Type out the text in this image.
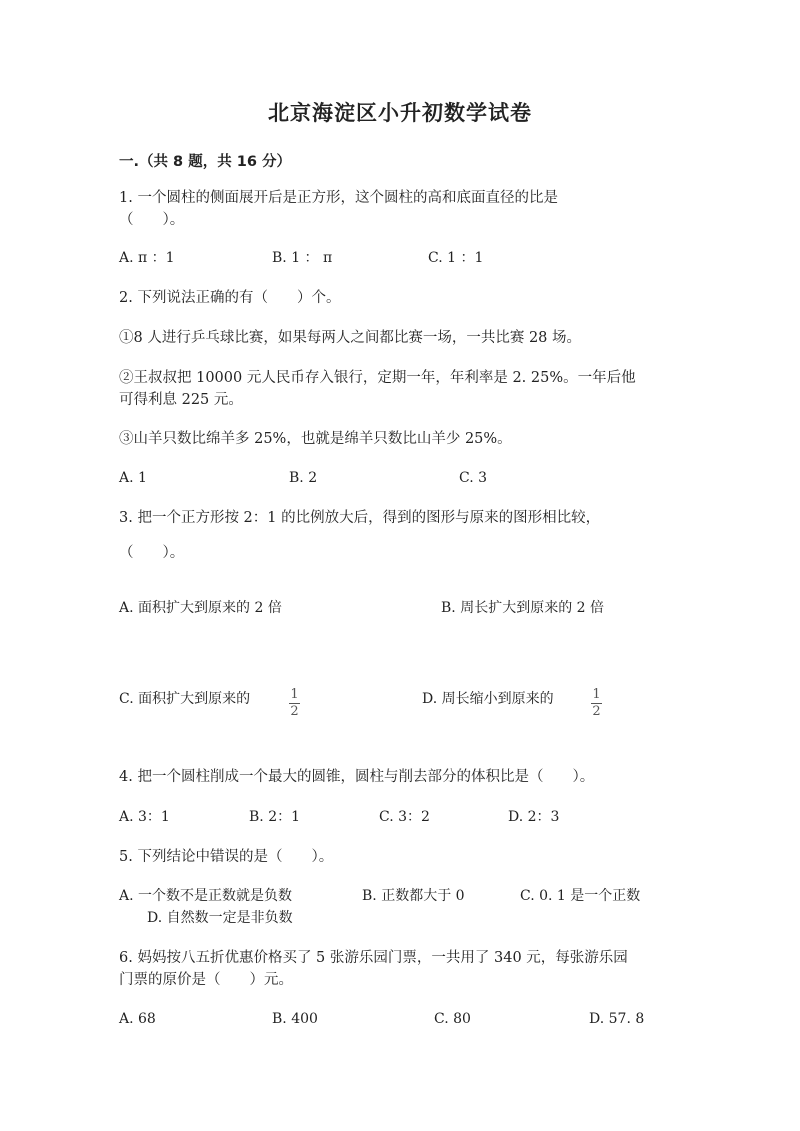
北京海淀区小升初数学试卷
一.（共 8 题，共 16 分）
1. 一个圆柱的侧面展开后是正方形，这个圆柱的高和底面直径的比是
（　　）。
A. π ：1	B. 1 ： π	C. 1 ：1
2. 下列说法正确的有（　　）个。
①8 人进行乒乓球比赛，如果每两人之间都比赛一场，一共比赛 28 场。
②王叔叔把 10000 元人民币存入银行，定期一年，年利率是 2. 25%。一年后他
可得利息 225 元。
③山羊只数比绵羊多 25%，也就是绵羊只数比山羊少 25%。
A. 1	B. 2	C. 3
3. 把一个正方形按 2：1 的比例放大后，得到的图形与原来的图形相比较，
（　　）。
A. 面积扩大到原来的 2 倍	B. 周长扩大到原来的 2 倍
C. 面积扩大到原来的	$\frac{1}{2}$	D. 周长缩小到原来的	$\frac{1}{2}$
4. 把一个圆柱削成一个最大的圆锥，圆柱与削去部分的体积比是（　　）。
A. 3：1	B. 2：1	C. 3：2	D. 2：3
5. 下列结论中错误的是（　　）。
A. 一个数不是正数就是负数	B. 正数都大于 0	C. 0. 1 是一个正数
D. 自然数一定是非负数
6. 妈妈按八五折优惠价格买了 5 张游乐园门票，一共用了 340 元，每张游乐园
门票的原价是（　　）元。
A. 68	B. 400	C. 80	D. 57. 8
